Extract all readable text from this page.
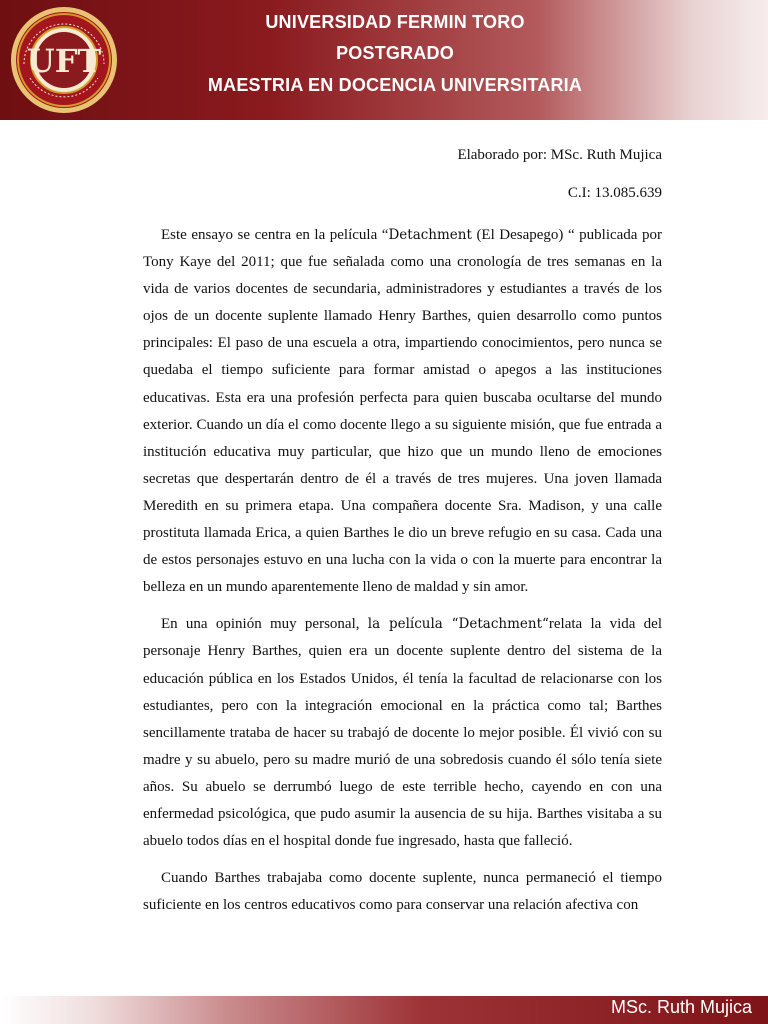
UFT
UNIVERSIDAD FERMIN TORO
POSTGRADO
MAESTRIA EN DOCENCIA UNIVERSITARIA
Elaborado por: MSc. Ruth Mujica
C.I: 13.085.639

Este ensayo se centra en la película “Detachment (El Desapego) “ publicada por Tony Kaye del 2011; que fue señalada como una cronología de tres semanas en la vida de varios docentes de secundaria, administradores y estudiantes a través de los ojos de un docente suplente llamado Henry Barthes, quien desarrollo como puntos principales: El paso de una escuela a otra, impartiendo conocimientos, pero nunca se quedaba el tiempo suficiente para formar amistad o apegos a las instituciones educativas. Esta era una profesión perfecta para quien buscaba ocultarse del mundo exterior. Cuando un día el como docente llego a su siguiente misión, que fue entrada a institución educativa muy particular, que hizo que un mundo lleno de emociones secretas que despertarán dentro de él a través de tres mujeres. Una joven llamada Meredith en su primera etapa. Una compañera docente Sra. Madison, y una calle prostituta llamada Erica, a quien Barthes le dio un breve refugio en su casa. Cada una de estos personajes estuvo en una lucha con la vida o con la muerte para encontrar la belleza en un mundo aparentemente lleno de maldad y sin amor.

En una opinión muy personal, la película “Detachment“relata la vida del personaje Henry Barthes, quien era un docente suplente dentro del sistema de la educación pública en los Estados Unidos, él tenía la facultad de relacionarse con los estudiantes, pero con la integración emocional en la práctica como tal; Barthes sencillamente trataba de hacer su trabajó de docente lo mejor posible. Él vivió con su madre y su abuelo, pero su madre murió de una sobredosis cuando él sólo tenía siete años. Su abuelo se derrumbó luego de este terrible hecho, cayendo en con una enfermedad psicológica, que pudo asumir la ausencia de su hija. Barthes visitaba a su abuelo todos días en el hospital donde fue ingresado, hasta que falleció.

Cuando Barthes trabajaba como docente suplente, nunca permaneció el tiempo suficiente en los centros educativos como para conservar una relación afectiva con

MSc. Ruth Mujica
